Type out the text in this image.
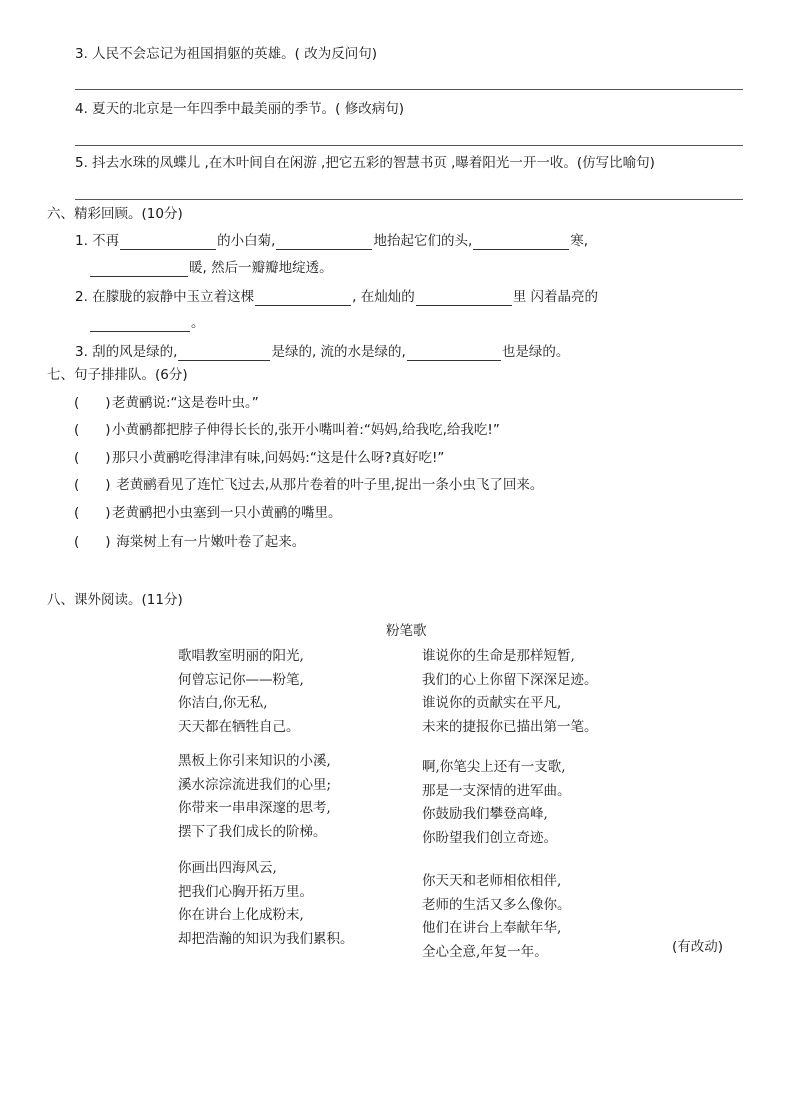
3. 人民不会忘记为祖国捐躯的英雄。( 改为反问句)
4. 夏天的北京是一年四季中最美丽的季节。( 修改病句)
5. 抖去水珠的凤蝶儿 ,在木叶间自在闲游 ,把它五彩的智慧书页 ,曝着阳光一开一收。(仿写比喻句)
六、精彩回顾。(10分)
1. 不再	的小白菊,	地抬起它们的头,	寒,
暖, 然后一瓣瓣地绽透。
2. 在朦胧的寂静中玉立着这棵	, 在灿灿的	里 闪着晶亮的
。
3. 刮的风是绿的,	是绿的, 流的水是绿的,	也是绿的。
七、句子排排队。(6分)
( )老黄鹂说:“这是卷叶虫。”
( )小黄鹂都把脖子伸得长长的,张开小嘴叫着:“妈妈,给我吃,给我吃!”
( )那只小黄鹂吃得津津有味,问妈妈:“这是什么呀?真好吃!”
( ) 老黄鹂看见了连忙飞过去,从那片卷着的叶子里,捉出一条小虫飞了回来。
( )老黄鹂把小虫塞到一只小黄鹂的嘴里。
( ) 海棠树上有一片嫩叶卷了起来。
八、课外阅读。(11分)
粉笔歌
歌唱教室明丽的阳光,
何曾忘记你——粉笔,
你洁白,你无私,
天天都在牺牲自己。
黑板上你引来知识的小溪,
溪水淙淙流进我们的心里;
你带来一串串深邃的思考,
摆下了我们成长的阶梯。
你画出四海风云,
把我们心胸开拓万里。
你在讲台上化成粉末,
却把浩瀚的知识为我们累积。
谁说你的生命是那样短暂,
我们的心上你留下深深足迹。
谁说你的贡献实在平凡,
未来的捷报你已描出第一笔。
啊,你笔尖上还有一支歌,
那是一支深情的进军曲。
你鼓励我们攀登高峰,
你盼望我们创立奇迹。
你天天和老师相依相伴,
老师的生活又多么像你。
他们在讲台上奉献年华,
全心全意,年复一年。	(有改动)
